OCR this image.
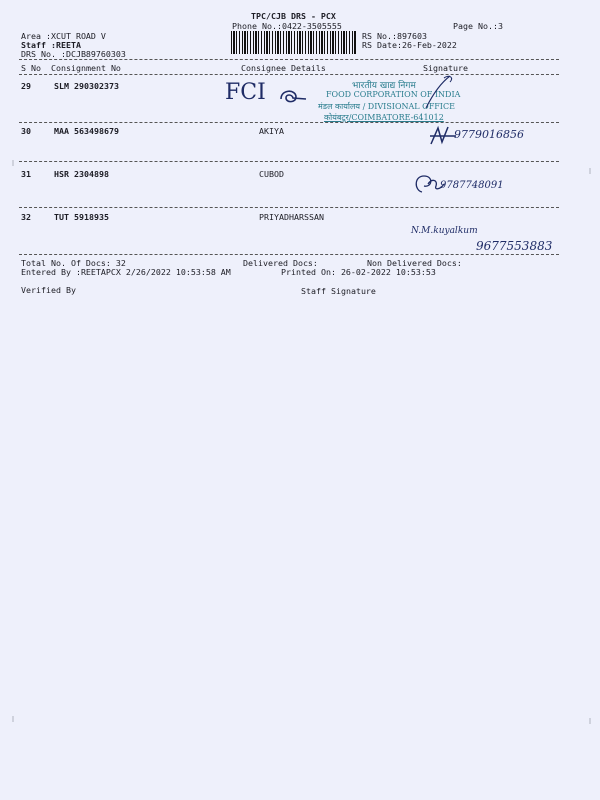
TPC/CJB DRS - PCX
Phone No.:0422-3505555	Page No.:3
Area :XCUT ROAD V
Staff :REETA
DRS No. :DCJB89760303
RS No.:897603
RS Date:26-Feb-2022
S No Consignment No	Consignee Details	Signature
29	SLM 290302373	FCI	भारतीय खाद्य निगम
FOOD CORPORATION OF INDIA
मंडल कार्यालय / DIVISIONAL OFFICE
कोयंबटूर/COIMBATORE-641012
30	MAA 563498679	AKIYA	9779016856
31	HSR 2304898	CUBOD
9787748091
32	TUT 5918935	PRIYADHARSSAN
N.M.kuyalkum
9677553883
Total No. Of Docs: 32	Delivered Docs:	Non Delivered Docs:
Entered By :REETAPCX 2/26/2022 10:53:58 AM	Printed On: 26-02-2022 10:53:53
Verified By	Staff Signature
